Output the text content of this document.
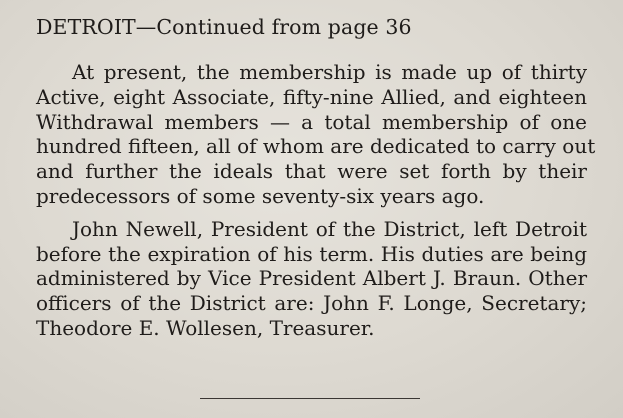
DETROIT—Continued from page 36

At present, the membership is made up of thirty
Active, eight Associate, fifty-nine Allied, and eighteen
Withdrawal members — a total membership of one
hundred fifteen, all of whom are dedicated to carry out
and further the ideals that were set forth by their
predecessors of some seventy-six years ago.

John Newell, President of the District, left Detroit
before the expiration of his term. His duties are being
administered by Vice President Albert J. Braun. Other
officers of the District are: John F. Longe, Secretary;
Theodore E. Wollesen, Treasurer.
